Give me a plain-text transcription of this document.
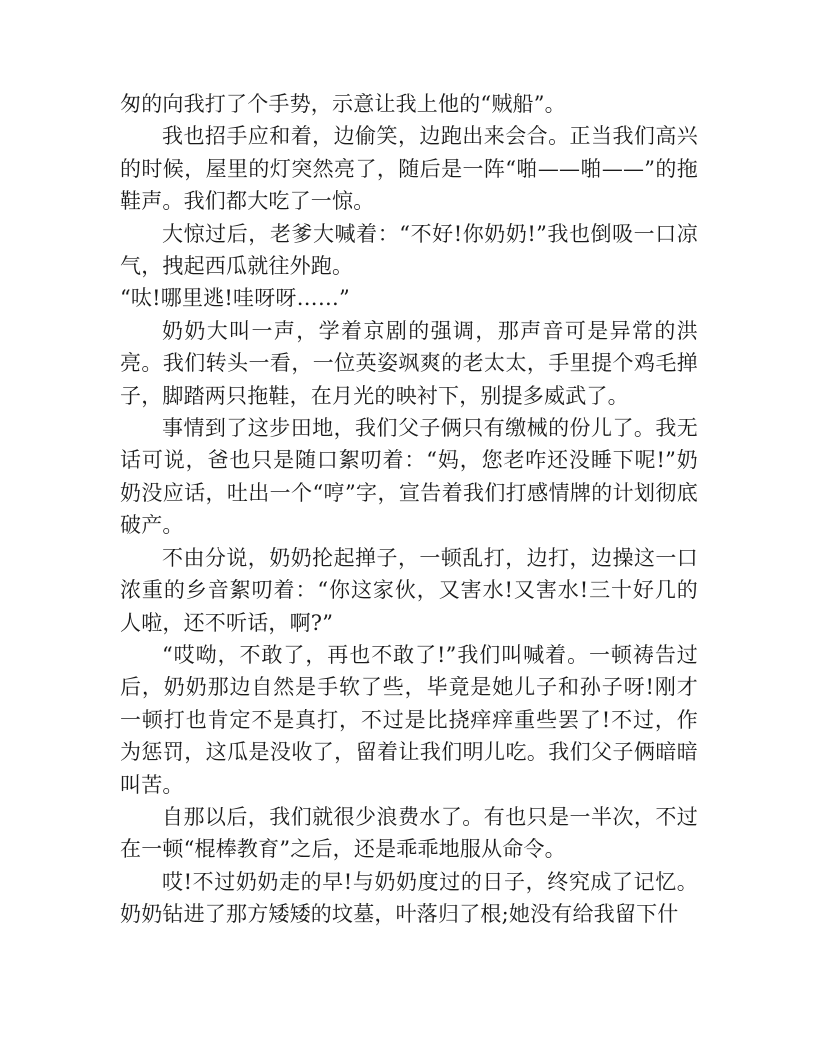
匆的向我打了个手势，示意让我上他的“贼船”。

我也招手应和着，边偷笑，边跑出来会合。正当我们高兴的时候，屋里的灯突然亮了，随后是一阵“啪——啪——”的拖鞋声。我们都大吃了一惊。

大惊过后，老爹大喊着：“不好!你奶奶!”我也倒吸一口凉气，拽起西瓜就往外跑。

“呔!哪里逃!哇呀呀……”

奶奶大叫一声，学着京剧的强调，那声音可是异常的洪亮。我们转头一看，一位英姿飒爽的老太太，手里提个鸡毛掸子，脚踏两只拖鞋，在月光的映衬下，别提多威武了。

事情到了这步田地，我们父子俩只有缴械的份儿了。我无话可说，爸也只是随口絮叨着：“妈，您老咋还没睡下呢!”奶奶没应话，吐出一个“哼”字，宣告着我们打感情牌的计划彻底破产。

不由分说，奶奶抡起掸子，一顿乱打，边打，边操这一口浓重的乡音絮叨着：“你这家伙，又害水!又害水!三十好几的人啦，还不听话，啊?”

“哎呦，不敢了，再也不敢了!”我们叫喊着。一顿祷告过后，奶奶那边自然是手软了些，毕竟是她儿子和孙子呀!刚才一顿打也肯定不是真打，不过是比挠痒痒重些罢了!不过，作为惩罚，这瓜是没收了，留着让我们明儿吃。我们父子俩暗暗叫苦。

自那以后，我们就很少浪费水了。有也只是一半次，不过在一顿“棍棒教育”之后，还是乖乖地服从命令。

哎!不过奶奶走的早!与奶奶度过的日子，终究成了记忆。奶奶钻进了那方矮矮的坟墓，叶落归了根;她没有给我留下什
